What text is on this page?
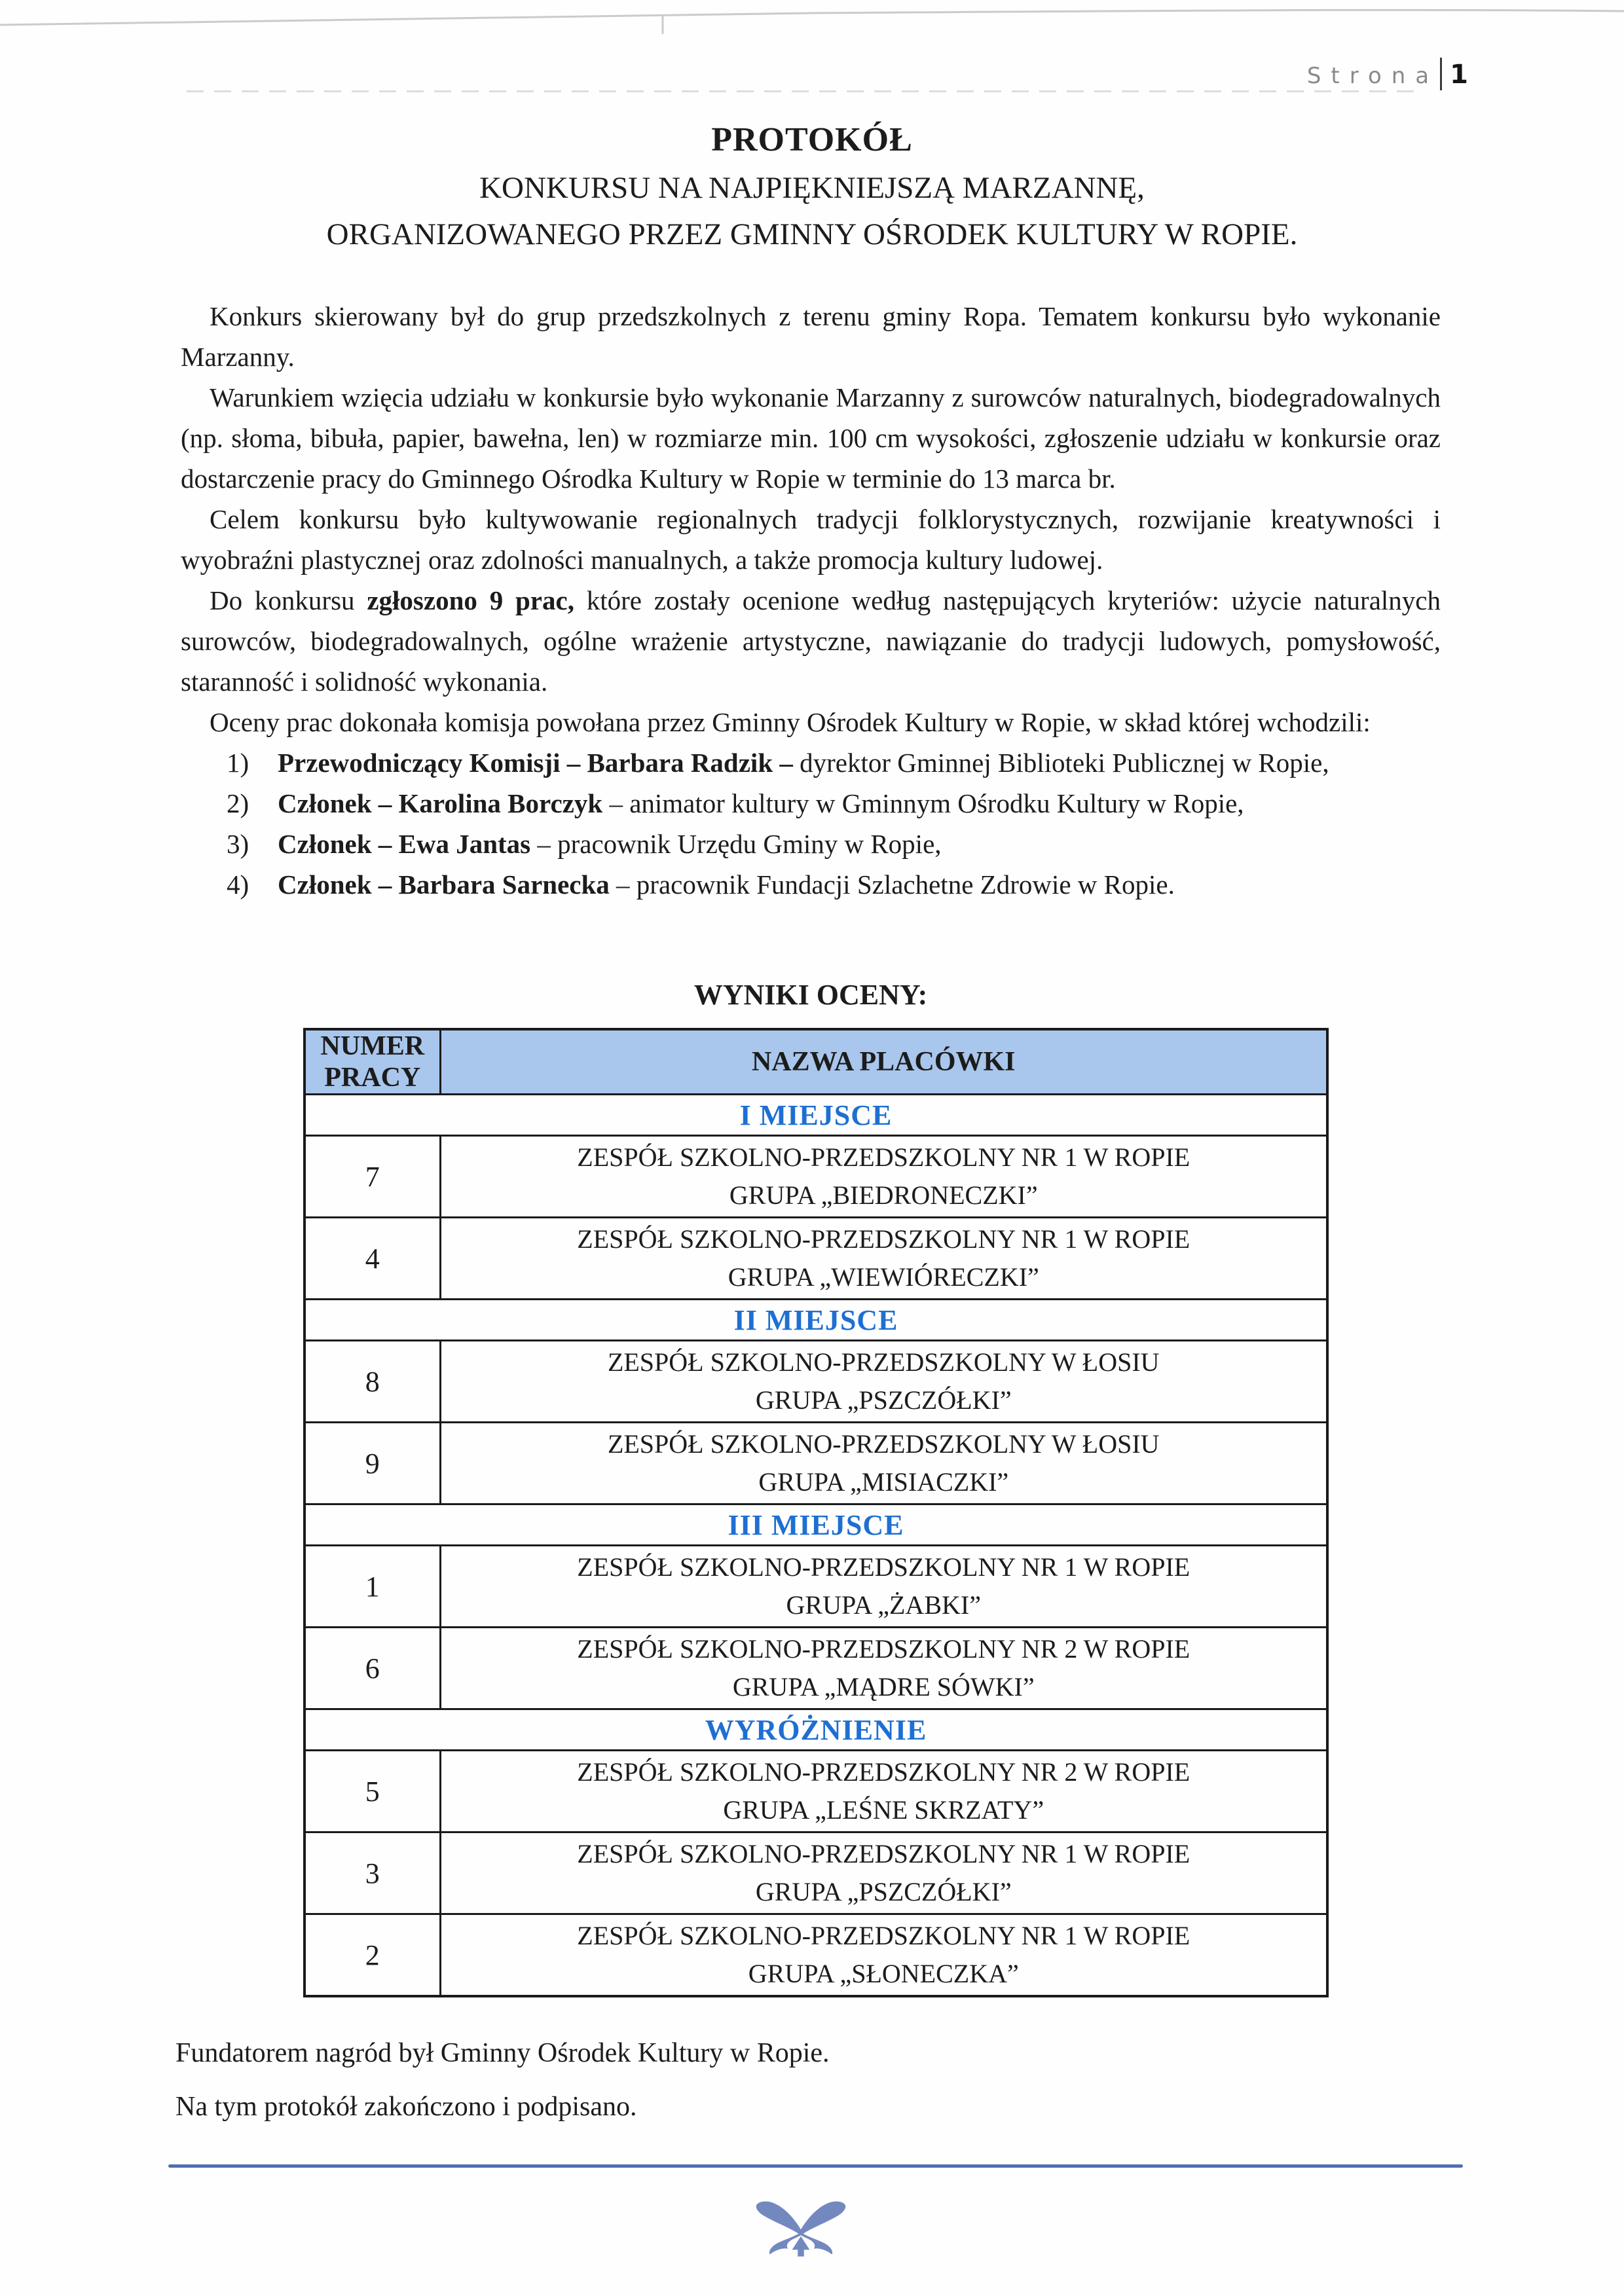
Strona 1
PROTOKÓŁ
KONKURSU NA NAJPIĘKNIEJSZĄ MARZANNĘ,
ORGANIZOWANEGO PRZEZ GMINNY OŚRODEK KULTURY W ROPIE.

Konkurs skierowany był do grup przedszkolnych z terenu gminy Ropa. Tematem konkursu było wykonanie Marzanny.

Warunkiem wzięcia udziału w konkursie było wykonanie Marzanny z surowców naturalnych, biodegradowalnych (np. słoma, bibuła, papier, bawełna, len) w rozmiarze min. 100 cm wysokości, zgłoszenie udziału w konkursie oraz dostarczenie pracy do Gminnego Ośrodka Kultury w Ropie w terminie do 13 marca br.

Celem konkursu było kultywowanie regionalnych tradycji folklorystycznych, rozwijanie kreatywności i wyobraźni plastycznej oraz zdolności manualnych, a także promocja kultury ludowej.

Do konkursu zgłoszono 9 prac, które zostały ocenione według następujących kryteriów: użycie naturalnych surowców, biodegradowalnych, ogólne wrażenie artystyczne, nawiązanie do tradycji ludowych, pomysłowość, staranność i solidność wykonania.

Oceny prac dokonała komisja powołana przez Gminny Ośrodek Kultury w Ropie, w skład której wchodzili:

1) Przewodniczący Komisji – Barbara Radzik – dyrektor Gminnej Biblioteki Publicznej w Ropie,
2) Członek – Karolina Borczyk – animator kultury w Gminnym Ośrodku Kultury w Ropie,
3) Członek – Ewa Jantas – pracownik Urzędu Gminy w Ropie,
4) Członek – Barbara Sarnecka – pracownik Fundacji Szlachetne Zdrowie w Ropie.
WYNIKI OCENY:
NUMER PRACY	NAZWA PLACÓWKI
I MIEJSCE	
7	ZESPÓŁ SZKOLNO-PRZEDSZKOLNY NR 1 W ROPIE
GRUPA „BIEDRONECZKI”

4	ZESPÓŁ SZKOLNO-PRZEDSZKOLNY NR 1 W ROPIE
GRUPA „WIEWIÓRECZKI”

II MIEJSCE	
8	ZESPÓŁ SZKOLNO-PRZEDSZKOLNY W ŁOSIU
GRUPA „PSZCZÓŁKI”

9	ZESPÓŁ SZKOLNO-PRZEDSZKOLNY W ŁOSIU
GRUPA „MISIACZKI”

III MIEJSCE	
1	ZESPÓŁ SZKOLNO-PRZEDSZKOLNY NR 1 W ROPIE
GRUPA „ŻABKI”

6	ZESPÓŁ SZKOLNO-PRZEDSZKOLNY NR 2 W ROPIE
GRUPA „MĄDRE SÓWKI”

WYRÓŻNIENIE	
5	ZESPÓŁ SZKOLNO-PRZEDSZKOLNY NR 2 W ROPIE
GRUPA „LEŚNE SKRZATY”

3	ZESPÓŁ SZKOLNO-PRZEDSZKOLNY NR 1 W ROPIE
GRUPA „PSZCZÓŁKI”

2	ZESPÓŁ SZKOLNO-PRZEDSZKOLNY NR 1 W ROPIE
GRUPA „SŁONECZKA”

Fundatorem nagród był Gminny Ośrodek Kultury w Ropie.

Na tym protokół zakończono i podpisano.
